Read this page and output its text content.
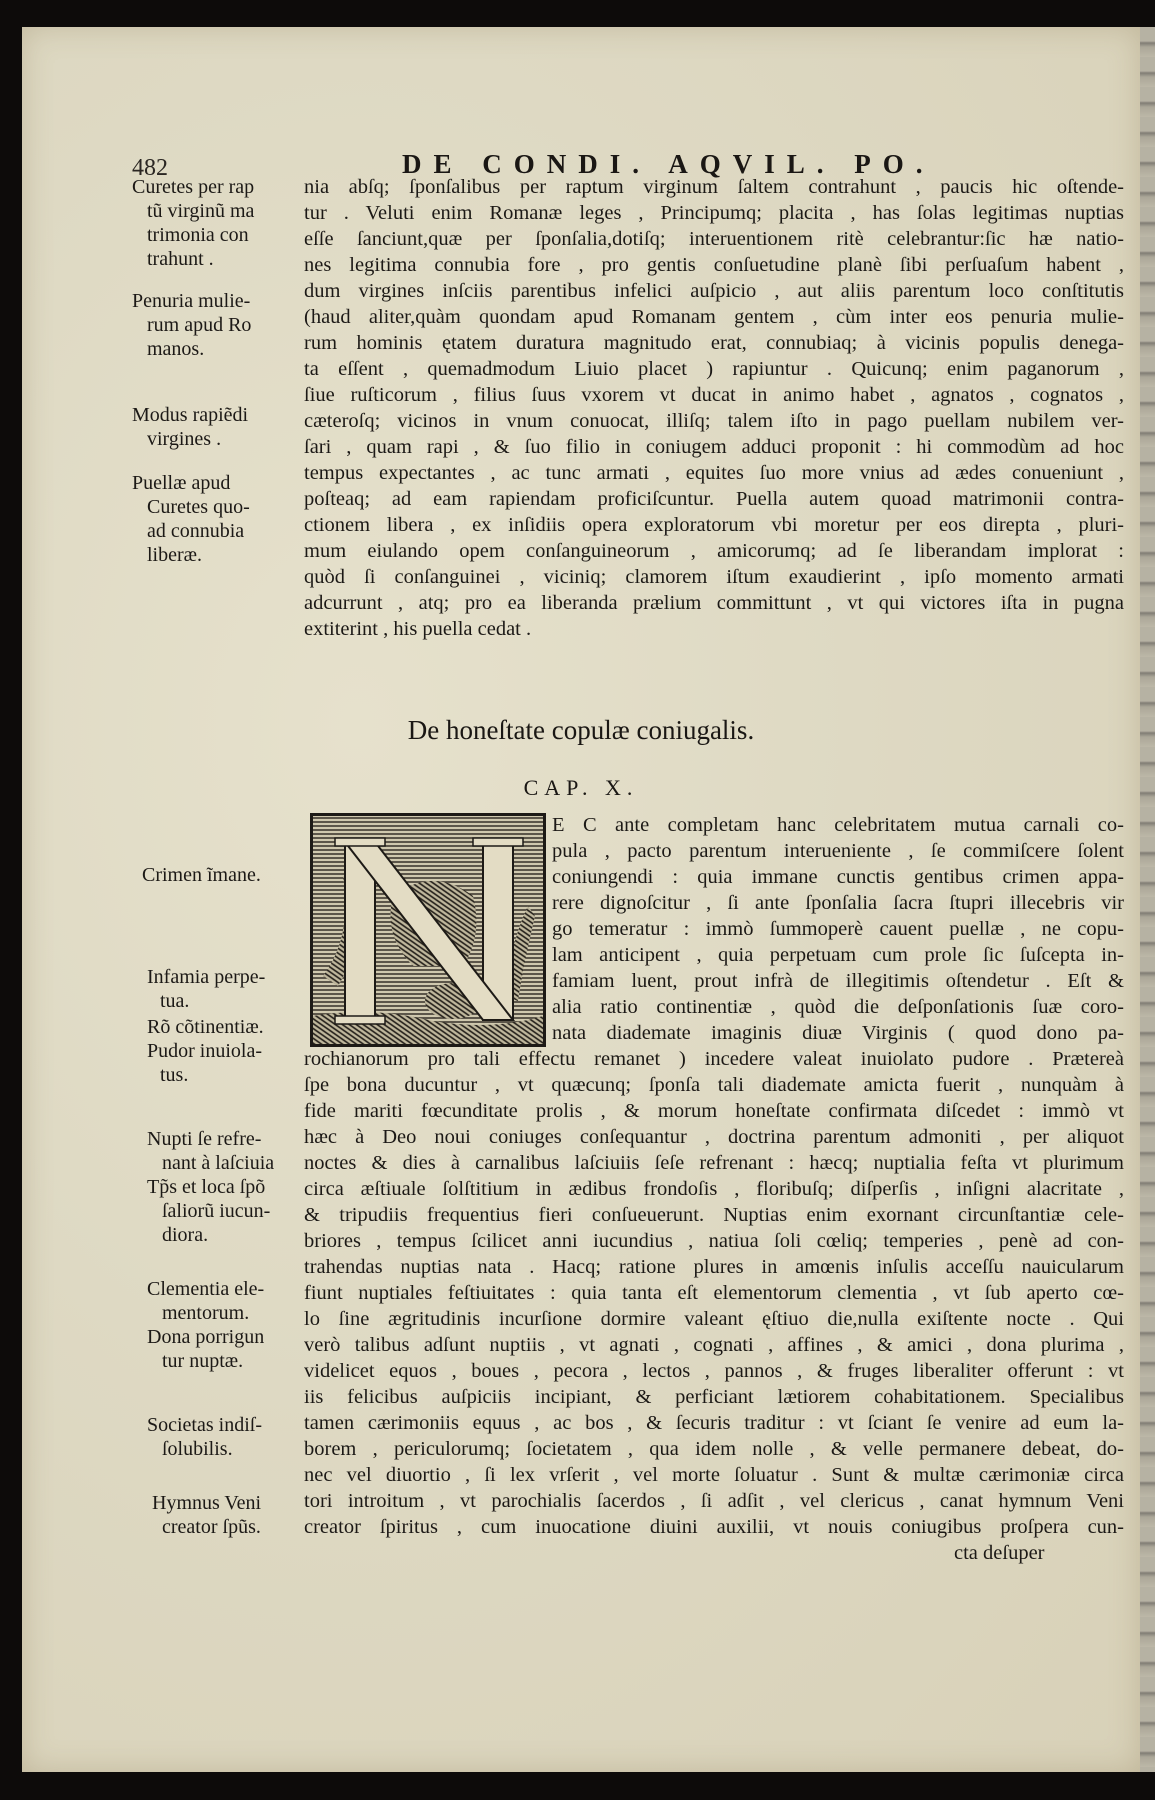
482	DE CONDI. AQVIL. PO.
nia abſq; ſponſalibus per raptum virginum ſaltem contrahunt , paucis hic oſtende-
tur . Veluti enim Romanæ leges , Principumq; placita , has ſolas legitimas nuptias
eſſe ſanciunt,quæ per ſponſalia,dotiſq; interuentionem ritè celebrantur:ſic hæ natio-
nes legitima connubia fore , pro gentis conſuetudine planè ſibi perſuaſum habent ,
dum virgines inſciis parentibus infelici auſpicio , aut aliis parentum loco conſtitutis
(haud aliter,quàm quondam apud Romanam gentem , cùm inter eos penuria mulie-
rum hominis ętatem duratura magnitudo erat, connubiaq; à vicinis populis denega-
ta eſſent , quemadmodum Liuio placet ) rapiuntur . Quicunq; enim paganorum ,
ſiue ruſticorum , filius ſuus vxorem vt ducat in animo habet , agnatos , cognatos ,
cæteroſq; vicinos in vnum conuocat, illiſq; talem iſto in pago puellam nubilem ver-
ſari , quam rapi , & ſuo filio in coniugem adduci proponit : hi commodùm ad hoc
tempus expectantes , ac tunc armati , equites ſuo more vnius ad ædes conueniunt ,
poſteaq; ad eam rapiendam proficiſcuntur. Puella autem quoad matrimonii contra-
ctionem libera , ex inſidiis opera exploratorum vbi moretur per eos direpta , pluri-
mum eiulando opem conſanguineorum , amicorumq; ad ſe liberandam implorat :
quòd ſi conſanguinei , viciniq; clamorem iſtum exaudierint , ipſo momento armati
adcurrunt , atq; pro ea liberanda prælium committunt , vt qui victores iſta in pugna
extiterint , his puella cedat .
Curetes per rap
tũ virginũ ma
trimonia con
trahunt .
Penuria mulie-
rum apud Ro
manos.
Modus rapiẽdi
virgines .
Puellæ apud
Curetes quo-
ad connubia
liberæ.
De honeſtate copulæ coniugalis.
CAP. X.
E C ante completam hanc celebritatem mutua carnali co-
pula , pacto parentum interueniente , ſe commiſcere ſolent
coniungendi : quia immane cunctis gentibus crimen appa-
rere dignoſcitur , ſi ante ſponſalia ſacra ſtupri illecebris vir
go temeratur : immò ſummoperè cauent puellæ , ne copu-
lam anticipent , quia perpetuam cum prole ſic ſuſcepta in-
famiam luent, prout infrà de illegitimis oſtendetur . Eſt &
alia ratio continentiæ , quòd die deſponſationis ſuæ coro-
nata diademate imaginis diuæ Virginis ( quod dono pa-
rochianorum pro tali effectu remanet ) incedere valeat inuiolato pudore . Prætereà
ſpe bona ducuntur , vt quæcunq; ſponſa tali diademate amicta fuerit , nunquàm à
fide mariti fœcunditate prolis , & morum honeſtate confirmata diſcedet : immò vt
hæc à Deo noui coniuges conſequantur , doctrina parentum admoniti , per aliquot
noctes & dies à carnalibus laſciuiis ſeſe refrenant : hæcq; nuptialia feſta vt plurimum
circa æſtiuale ſolſtitium in ædibus frondoſis , floribuſq; diſperſis , inſigni alacritate ,
& tripudiis frequentius fieri conſueuerunt. Nuptias enim exornant circunſtantiæ cele-
briores , tempus ſcilicet anni iucundius , natiua ſoli cœliq; temperies , penè ad con-
trahendas nuptias nata . Hacq; ratione plures in amœnis inſulis acceſſu nauicularum
fiunt nuptiales feſtiuitates : quia tanta eſt elementorum clementia , vt ſub aperto cœ-
lo ſine ægritudinis incurſione dormire valeant ęſtiuo die,nulla exiſtente nocte . Qui
verò talibus adſunt nuptiis , vt agnati , cognati , affines , & amici , dona plurima ,
videlicet equos , boues , pecora , lectos , pannos , & fruges liberaliter offerunt : vt
iis felicibus auſpiciis incipiant, & perficiant lætiorem cohabitationem. Specialibus
tamen cærimoniis equus , ac bos , & ſecuris traditur : vt ſciant ſe venire ad eum la-
borem , periculorumq; ſocietatem , qua idem nolle , & velle permanere debeat, do-
nec vel diuortio , ſi lex vrſerit , vel morte ſoluatur . Sunt & multæ cærimoniæ circa
tori introitum , vt parochialis ſacerdos , ſi adſit , vel clericus , canat hymnum Veni
creator ſpiritus , cum inuocatione diuini auxilii, vt nouis coniugibus proſpera cun-
cta deſuper
Crimen ĩmane.
Infamia perpe-
tua.
Rõ cõtinentiæ.
Pudor inuiola-
tus.
Nupti ſe refre-
nant à laſciuia
Tp̃s et loca ſpõ
ſaliorũ iucun-
diora.
Clementia ele-
mentorum.
Dona porrigun
tur nuptæ.
Societas indiſ-
ſolubilis.
Hymnus Veni
creator ſpũs.
